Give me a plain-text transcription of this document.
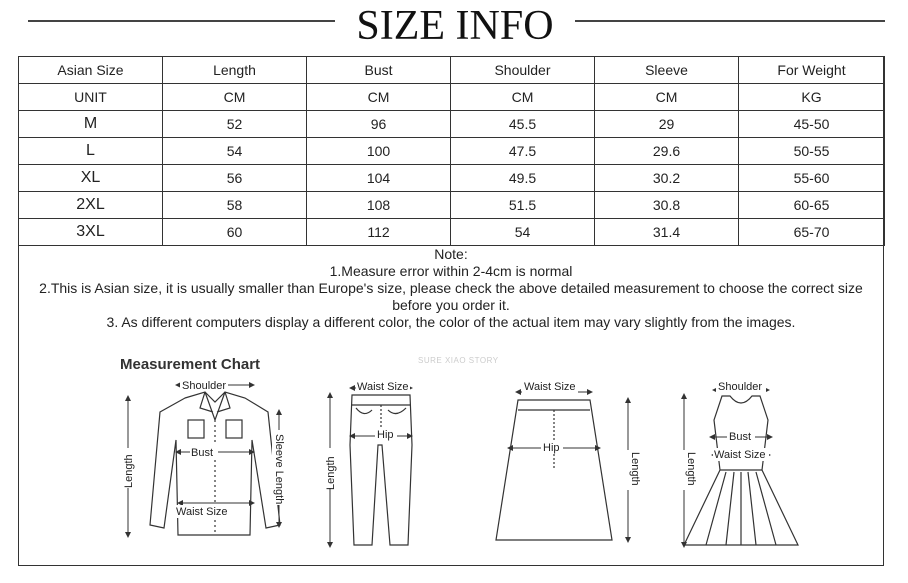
SIZE INFO
Asian Size	Length	Bust	Shoulder	Sleeve	For Weight
UNIT	CM	CM	CM	CM	KG
M	52	96	45.5	29	45-50
L	54	100	47.5	29.6	50-55
XL	56	104	49.5	30.2	55-60
2XL	58	108	51.5	30.8	60-65
3XL	60	112	54	31.4	65-70
Note:
1.Measure error within 2-4cm is normal
2.This is Asian size, it is usually smaller than Europe's size, please check the above detailed measurement to choose the correct size
before you order it.
3. As different computers display a different color, the color of the actual item may vary slightly from the images.
Measurement Chart	SURE XIAO STORY
Shoulder
Bust
Waist Size
Length	Sleeve Length
Waist Size
Hip
Length
Waist Size
Hip
Length
Shoulder
Bust
Waist Size
Length
